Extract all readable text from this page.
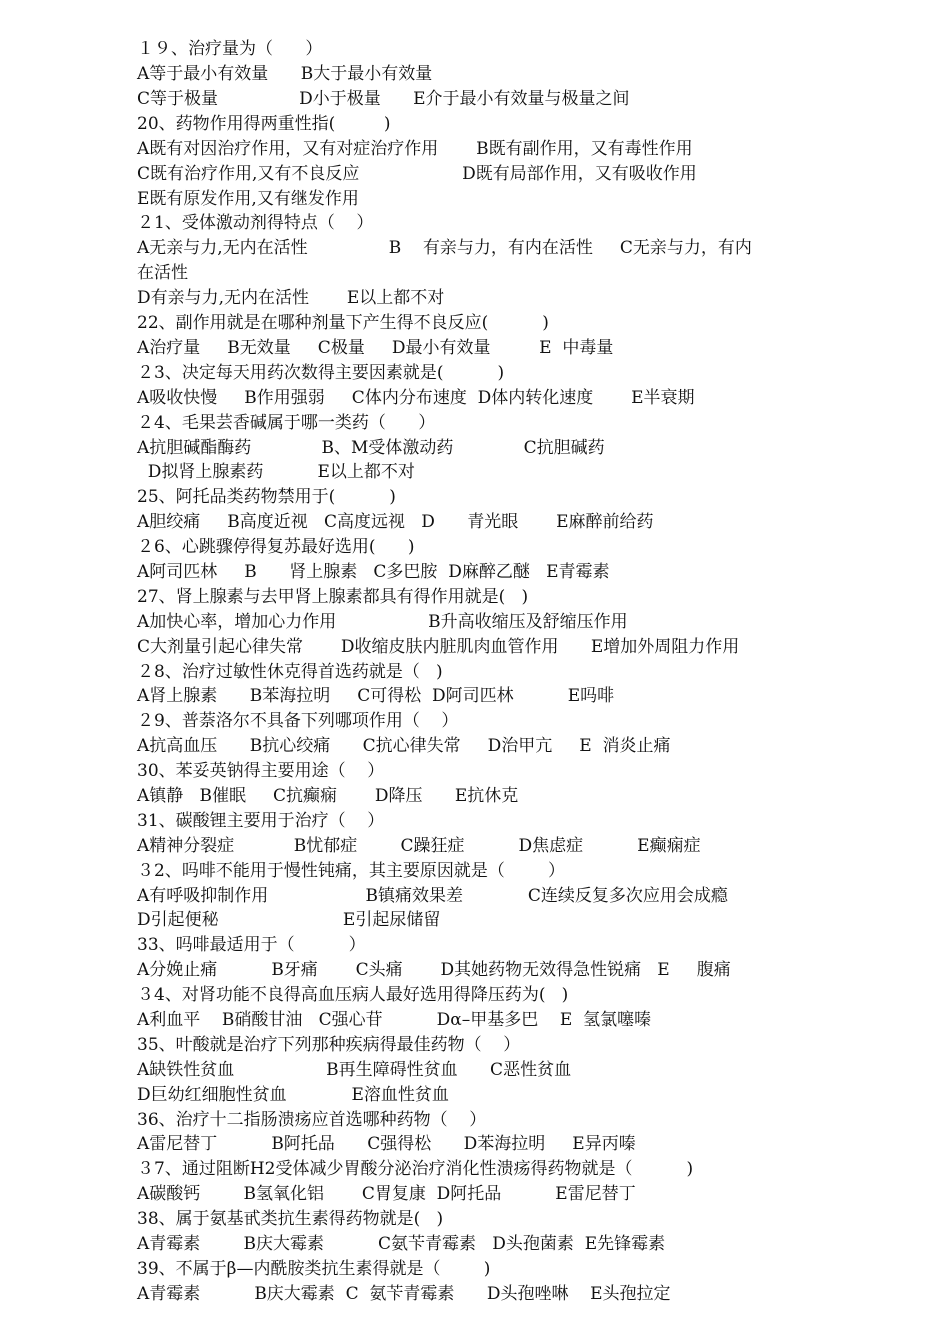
１９、治疗量为（      ）
A等于最小有效量      B大于最小有效量
C等于极量               D小于极量      E介于最小有效量与极量之间
20、药物作用得两重性指(         )
A既有对因治疗作用，又有对症治疗作用       B既有副作用，又有毒性作用
C既有治疗作用,又有不良反应                   D既有局部作用，又有吸收作用
E既有原发作用,又有继发作用
２1、受体激动剂得特点（    ）
A无亲与力,无内在活性               B    有亲与力，有内在活性     C无亲与力，有内
在活性
D有亲与力,无内在活性       E以上都不对
22、副作用就是在哪种剂量下产生得不良反应(          )
A治疗量     B无效量     C极量     D最小有效量         E  中毒量
２3、决定每天用药次数得主要因素就是(          )
A吸收快慢     B作用强弱     C体内分布速度  D体内转化速度       E半衰期
２4、毛果芸香碱属于哪一类药（      ）
A抗胆碱酯酶药             B、M受体激动药             C抗胆碱药
D拟肾上腺素药          E以上都不对
25、阿托品类药物禁用于(          )
A胆绞痛     B高度近视   C高度远视   D      青光眼       E麻醉前给药
２6、心跳骤停得复苏最好选用(      )
A阿司匹林     B      肾上腺素   C多巴胺  D麻醉乙醚   E青霉素
27、肾上腺素与去甲肾上腺素都具有得作用就是(   )
A加快心率，增加心力作用                 B升高收缩压及舒缩压作用
C大剂量引起心律失常       D收缩皮肤内脏肌肉血管作用      E增加外周阻力作用
２8、治疗过敏性休克得首选药就是（   )
A肾上腺素      B苯海拉明     C可得松  D阿司匹林          E吗啡
２9、普萘洛尔不具备下列哪项作用（    ）
A抗高血压      B抗心绞痛      C抗心律失常     D治甲亢     E  消炎止痛
30、苯妥英钠得主要用途（    ）
A镇静   B催眠     C抗癫痫       D降压      E抗休克
31、碳酸锂主要用于治疗（    ）
A精神分裂症           B忧郁症        C躁狂症          D焦虑症          E癫痫症
３2、吗啡不能用于慢性钝痛，其主要原因就是（        ）
A有呼吸抑制作用                  B镇痛效果差            C连续反复多次应用会成瘾
D引起便秘                       E引起尿储留
33、吗啡最适用于（          ）
A分娩止痛          B牙痛       C头痛       D其她药物无效得急性锐痛   E     腹痛
３4、对肾功能不良得高血压病人最好选用得降压药为(   )
A利血平    B硝酸甘油   C强心苷          Dα–甲基多巴    E  氢氯噻嗪
35、叶酸就是治疗下列那种疾病得最佳药物（    ）
A缺铁性贫血                 B再生障碍性贫血      C恶性贫血
D巨幼红细胞性贫血            E溶血性贫血
36、治疗十二指肠溃疡应首选哪种药物（    ）
A雷尼替丁          B阿托品      C强得松      D苯海拉明     E异丙嗪
３7、通过阻断H2受体减少胃酸分泌治疗消化性溃疡得药物就是（          )
A碳酸钙        B氢氧化铝       C胃复康  D阿托品          E雷尼替丁
38、属于氨基甙类抗生素得药物就是(   )
A青霉素        B庆大霉素          C氨苄青霉素   D头孢菌素  E先锋霉素
39、不属于β—内酰胺类抗生素得就是（        )
A青霉素          B庆大霉素  C  氨苄青霉素      D头孢唑啉    E头孢拉定
